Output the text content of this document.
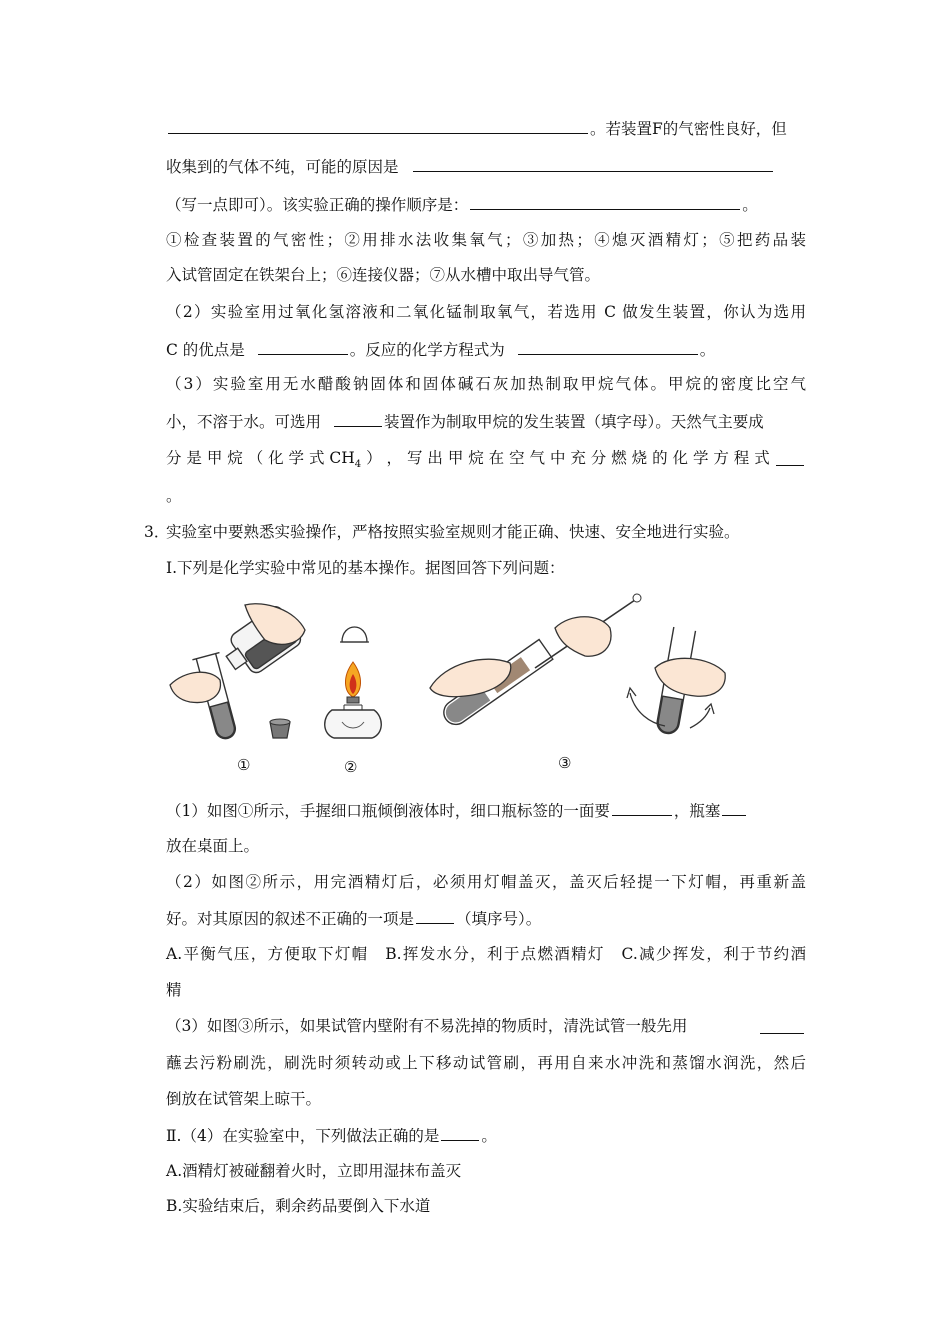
。若装置F的气密性良好，但
收集到的气体不纯，可能的原因是
（写一点即可）。该实验正确的操作顺序是：	。
①检查装置的气密性；②用排水法收集氧气；③加热；④熄灭酒精灯；⑤把药品装
入试管固定在铁架台上；⑥连接仪器；⑦从水槽中取出导气管。
（2）实验室用过氧化氢溶液和二氧化锰制取氧气，若选用 C 做发生装置，你认为选用
C 的优点是	。反应的化学方程式为	。
（3）实验室用无水醋酸钠固体和固体碱石灰加热制取甲烷气体。甲烷的密度比空气
小，不溶于水。可选用	装置作为制取甲烷的发生装置（填字母）。天然气主要成
分 是 甲 烷 （ 化 学 式 $CH_4$ ） ， 写 出 甲 烷 在 空 气 中 充 分 燃 烧 的 化 学 方 程 式
。
3．
实验室中要熟悉实验操作，严格按照实验室规则才能正确、快速、安全地进行实验。
Ⅰ.下列是化学实验中常见的基本操作。据图回答下列问题：
①	②	③
（1）如图①所示，手握细口瓶倾倒液体时，细口瓶标签的一面要	，瓶塞
放在桌面上。
（2）如图②所示，用完酒精灯后，必须用灯帽盖灭，盖灭后轻提一下灯帽，再重新盖
好。对其原因的叙述不正确的一项是	（填序号）。
A.平衡气压，方便取下灯帽　B.挥发水分，利于点燃酒精灯　C.减少挥发，利于节约酒
精
（3）如图③所示，如果试管内壁附有不易洗掉的物质时，清洗试管一般先用
蘸去污粉刷洗，刷洗时须转动或上下移动试管刷，再用自来水冲洗和蒸馏水润洗，然后
倒放在试管架上晾干。
Ⅱ.（4）在实验室中，下列做法正确的是	。
A.酒精灯被碰翻着火时，立即用湿抹布盖灭
B.实验结束后，剩余药品要倒入下水道
